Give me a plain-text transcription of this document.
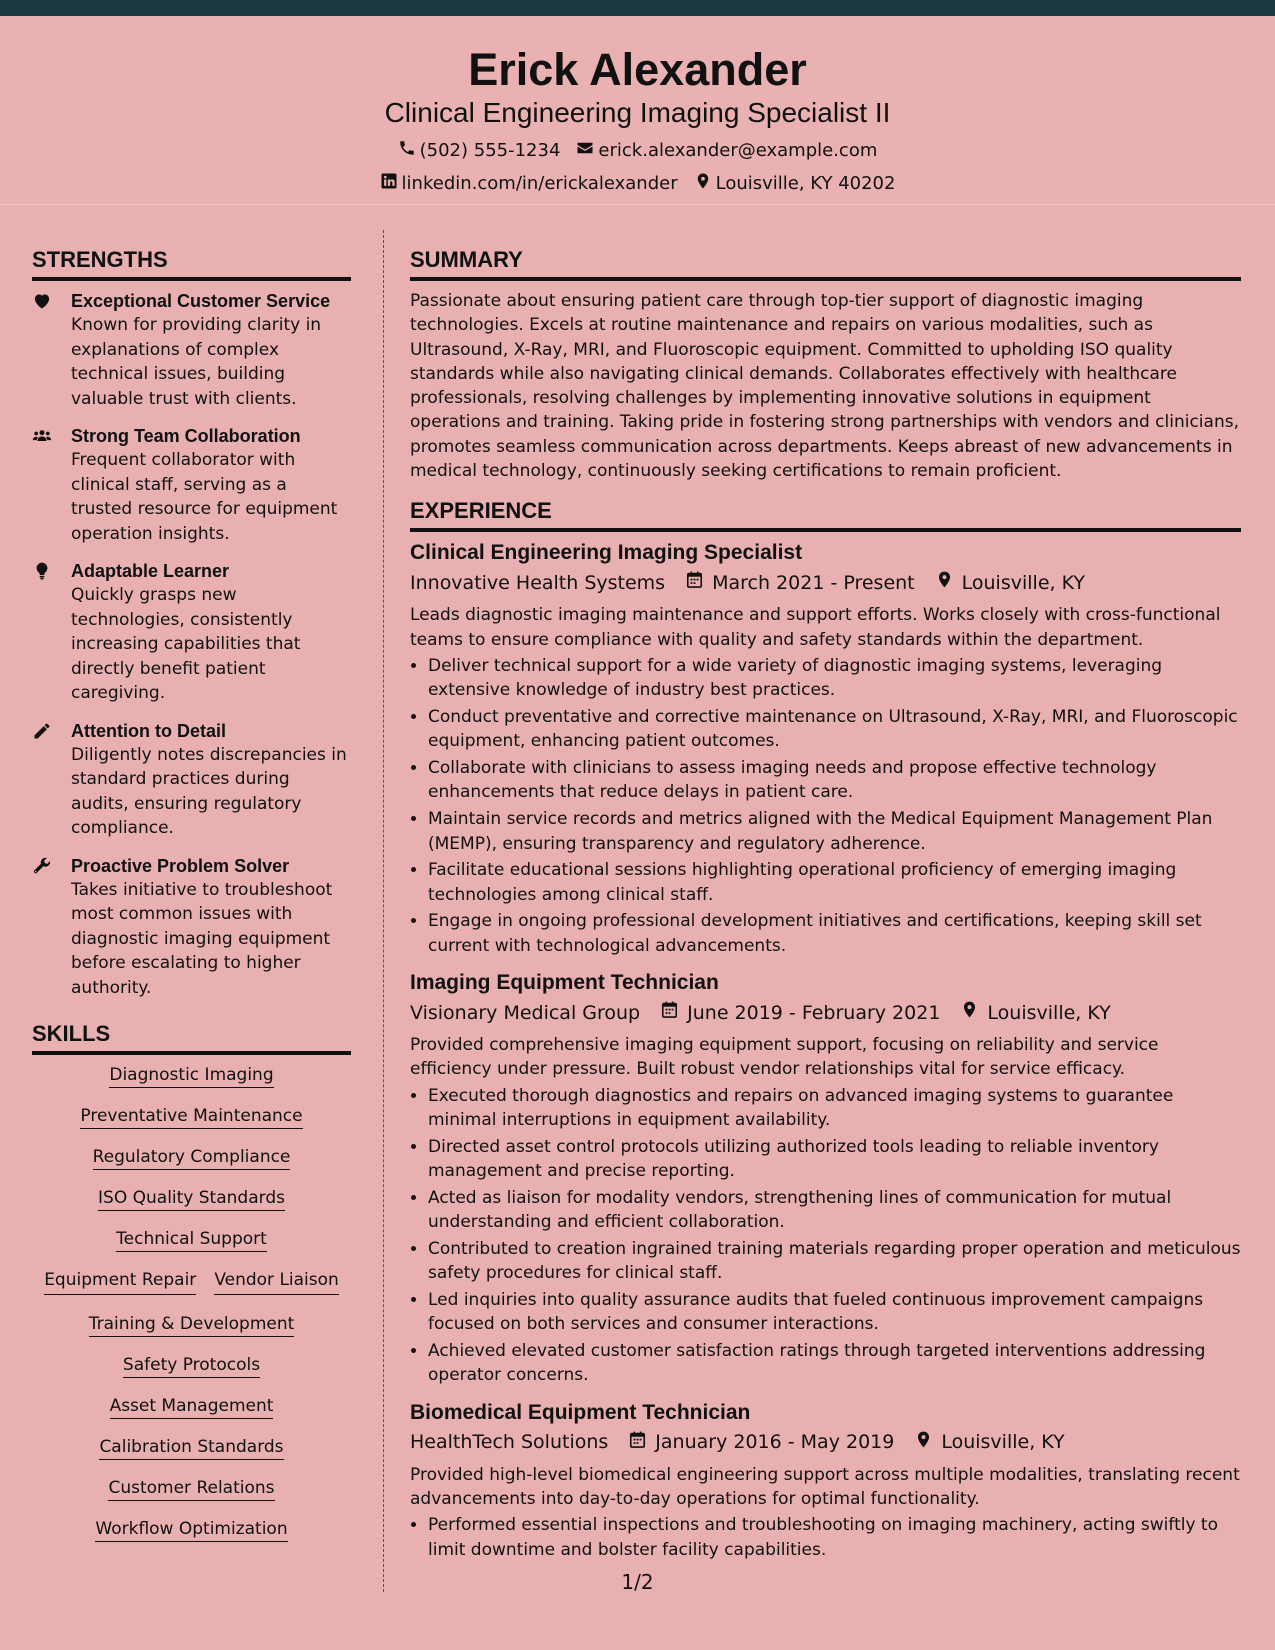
Erick Alexander
Clinical Engineering Imaging Specialist II
(502) 555-1234 erick.alexander@example.com
linkedin.com/in/erickalexander Louisville, KY 40202
STRENGTHS
Exceptional Customer Service
Known for providing clarity in explanations of complex technical issues, building valuable trust with clients.
Strong Team Collaboration
Frequent collaborator with clinical staff, serving as a trusted resource for equipment operation insights.
Adaptable Learner
Quickly grasps new technologies, consistently increasing capabilities that directly benefit patient caregiving.
Attention to Detail
Diligently notes discrepancies in standard practices during audits, ensuring regulatory compliance.
Proactive Problem Solver
Takes initiative to troubleshoot most common issues with diagnostic imaging equipment before escalating to higher authority.
SKILLS
Diagnostic Imaging
Preventative Maintenance
Regulatory Compliance
ISO Quality Standards
Technical Support
Equipment Repair Vendor Liaison
Training & Development
Safety Protocols
Asset Management
Calibration Standards
Customer Relations
Workflow Optimization
SUMMARY

Passionate about ensuring patient care through top-tier support of diagnostic imaging technologies. Excels at routine maintenance and repairs on various modalities, such as Ultrasound, X-Ray, MRI, and Fluoroscopic equipment. Committed to upholding ISO quality standards while also navigating clinical demands. Collaborates effectively with healthcare professionals, resolving challenges by implementing innovative solutions in equipment operations and training. Taking pride in fostering strong partnerships with vendors and clinicians, promotes seamless communication across departments. Keeps abreast of new advancements in medical technology, continuously seeking certifications to remain proficient.

EXPERIENCE
Clinical Engineering Imaging Specialist
Innovative Health Systems March 2021 - Present Louisville, KY
Leads diagnostic imaging maintenance and support efforts. Works closely with cross-functional teams to ensure compliance with quality and safety standards within the department.
• Deliver technical support for a wide variety of diagnostic imaging systems, leveraging extensive knowledge of industry best practices.
• Conduct preventative and corrective maintenance on Ultrasound, X-Ray, MRI, and Fluoroscopic equipment, enhancing patient outcomes.
• Collaborate with clinicians to assess imaging needs and propose effective technology enhancements that reduce delays in patient care.
• Maintain service records and metrics aligned with the Medical Equipment Management Plan (MEMP), ensuring transparency and regulatory adherence.
• Facilitate educational sessions highlighting operational proficiency of emerging imaging technologies among clinical staff.
• Engage in ongoing professional development initiatives and certifications, keeping skill set current with technological advancements.
Imaging Equipment Technician
Visionary Medical Group June 2019 - February 2021 Louisville, KY
Provided comprehensive imaging equipment support, focusing on reliability and service efficiency under pressure. Built robust vendor relationships vital for service efficacy.
• Executed thorough diagnostics and repairs on advanced imaging systems to guarantee minimal interruptions in equipment availability.
• Directed asset control protocols utilizing authorized tools leading to reliable inventory management and precise reporting.
• Acted as liaison for modality vendors, strengthening lines of communication for mutual understanding and efficient collaboration.
• Contributed to creation ingrained training materials regarding proper operation and meticulous safety procedures for clinical staff.
• Led inquiries into quality assurance audits that fueled continuous improvement campaigns focused on both services and consumer interactions.
• Achieved elevated customer satisfaction ratings through targeted interventions addressing operator concerns.
Biomedical Equipment Technician
HealthTech Solutions January 2016 - May 2019 Louisville, KY
Provided high-level biomedical engineering support across multiple modalities, translating recent advancements into day-to-day operations for optimal functionality.
• Performed essential inspections and troubleshooting on imaging machinery, acting swiftly to limit downtime and bolster facility capabilities.
1/2
